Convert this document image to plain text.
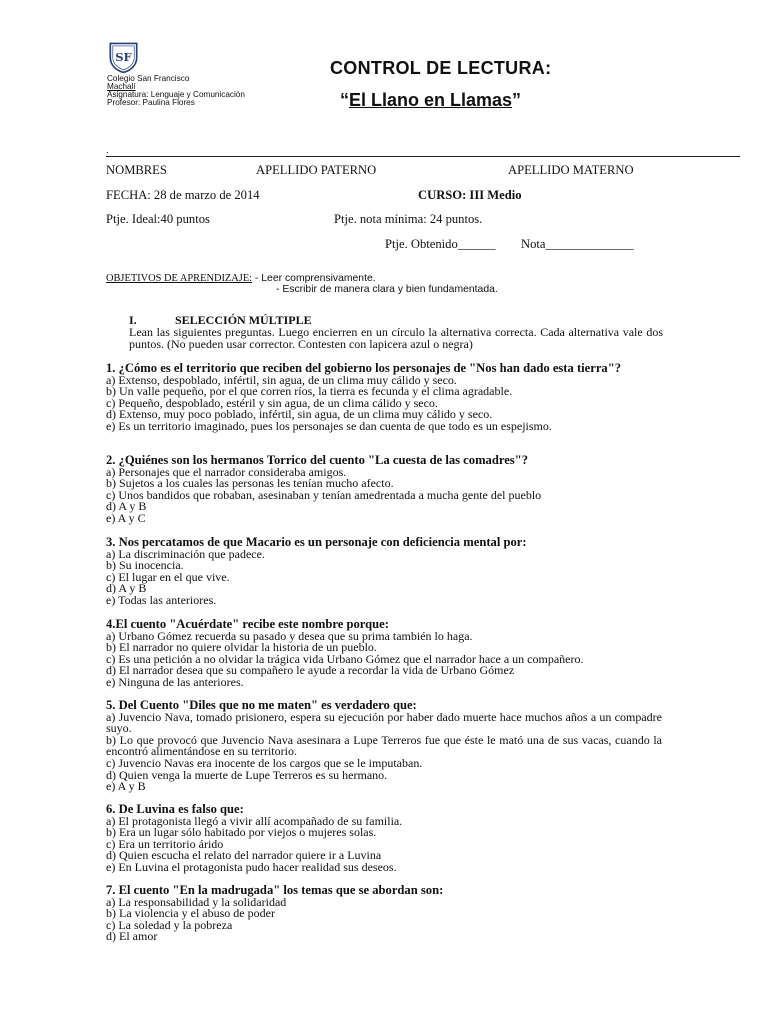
SF
Colegio San Francisco
Machalí
Asignatura: Lenguaje y Comunicación
Profesor: Paulina Flores
CONTROL DE LECTURA:
“El Llano en Llamas”
.
NOMBRES	APELLIDO PATERNO	APELLIDO MATERNO
FECHA: 28 de marzo de 2014	CURSO: III Medio
Ptje. Ideal:40 puntos	Ptje. nota mínima: 24 puntos.
Ptje. Obtenido______ Nota______________
OBJETIVOS DE APRENDIZAJE: - Leer comprensivamente.
- Escribir de manera clara y bien fundamentada.
I.	SELECCIÓN MÚLTIPLE
Lean las siguientes preguntas. Luego encierren en un círculo la alternativa correcta. Cada alternativa vale dos puntos. (No pueden usar corrector. Contesten con lapicera azul o negra)
1. ¿Cómo es el territorio que reciben del gobierno los personajes de "Nos han dado esta tierra"?
a) Extenso, despoblado, infértil, sin agua, de un clima muy cálido y seco.
b) Un valle pequeño, por el que corren ríos, la tierra es fecunda y el clima agradable.
c) Pequeño, despoblado, estéril y sin agua, de un clima cálido y seco.
d) Extenso, muy poco poblado, infértil, sin agua, de un clima muy cálido y seco.
e) Es un territorio imaginado, pues los personajes se dan cuenta de que todo es un espejismo.
2. ¿Quiénes son los hermanos Torrico del cuento "La cuesta de las comadres"?
a) Personajes que el narrador consideraba amigos.
b) Sujetos a los cuales las personas les tenían mucho afecto.
c) Unos bandidos que robaban, asesinaban y tenían amedrentada a mucha gente del pueblo
d) A y B
e) A y C
3. Nos percatamos de que Macario es un personaje con deficiencia mental por:
a) La discriminación que padece.
b) Su inocencia.
c) El lugar en el que vive.
d) A y B
e) Todas las anteriores.
4.El cuento "Acuérdate" recibe este nombre porque:
a) Urbano Gómez recuerda su pasado y desea que su prima también lo haga.
b) El narrador no quiere olvidar la historia de un pueblo.
c) Es una petición a no olvidar la trágica vida Urbano Gómez que el narrador hace a un compañero.
d) El narrador desea que su compañero le ayude a recordar la vida de Urbano Gómez
e) Ninguna de las anteriores.
5. Del Cuento "Diles que no me maten" es verdadero que:
a) Juvencio Nava, tomado prisionero, espera su ejecución por haber dado muerte hace muchos años a un compadre suyo.
b) Lo que provocó que Juvencio Nava asesinara a Lupe Terreros fue que éste le mató una de sus vacas, cuando la encontró alimentándose en su territorio.
c) Juvencio Navas era inocente de los cargos que se le imputaban.
d) Quien venga la muerte de Lupe Terreros es su hermano.
e) A y B
6. De Luvina es falso que:
a) El protagonista llegó a vivir allí acompañado de su familia.
b) Era un lugar sólo habitado por viejos o mujeres solas.
c) Era un territorio árido
d) Quien escucha el relato del narrador quiere ir a Luvina
e) En Luvina el protagonista pudo hacer realidad sus deseos.
7. El cuento "En la madrugada" los temas que se abordan son:
a) La responsabilidad y la solidaridad
b) La violencia y el abuso de poder
c) La soledad y la pobreza
d) El amor
